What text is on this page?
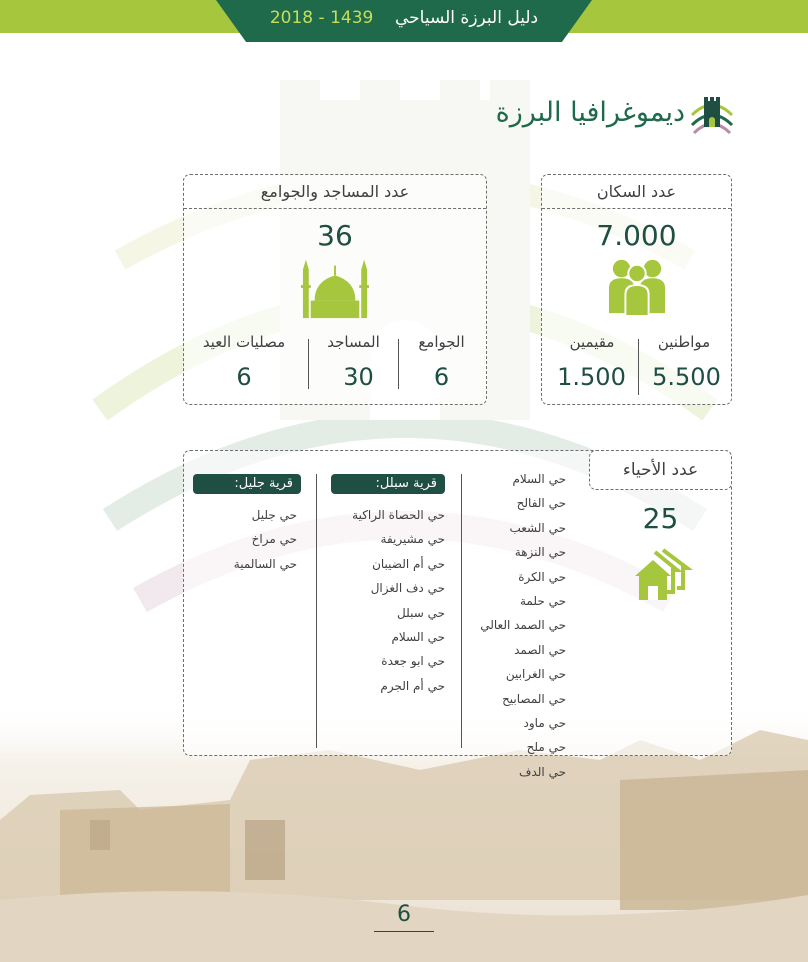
دليل البرزة السياحي    1439 - 2018
ديموغرافيا البرزة
عدد السكان
7.000
مواطنين
مقيمين
5.500
1.500
عدد المساجد والجوامع
36
الجوامع
المساجد
مصليات العيد
6
30
6
عدد الأحياء
25
حي السلام
حي الفالح
حي الشعب
حي النزهة
حي الكرة
حي حلمة
حي الصمد العالي
حي الصمد
حي الغرابين
حي المصابيح
حي ماود
حي ملح
حي الدف
قرية سبلل:
حي الحصاة الراكية
حي مشيريفة
حي أم الضيبان
حي دف الغزال
حي سبلل
حي السلام
حي ابو جعدة
حي أم الجرم
قرية جليل:
حي جليل
حي مراخ
حي السالمية
6
